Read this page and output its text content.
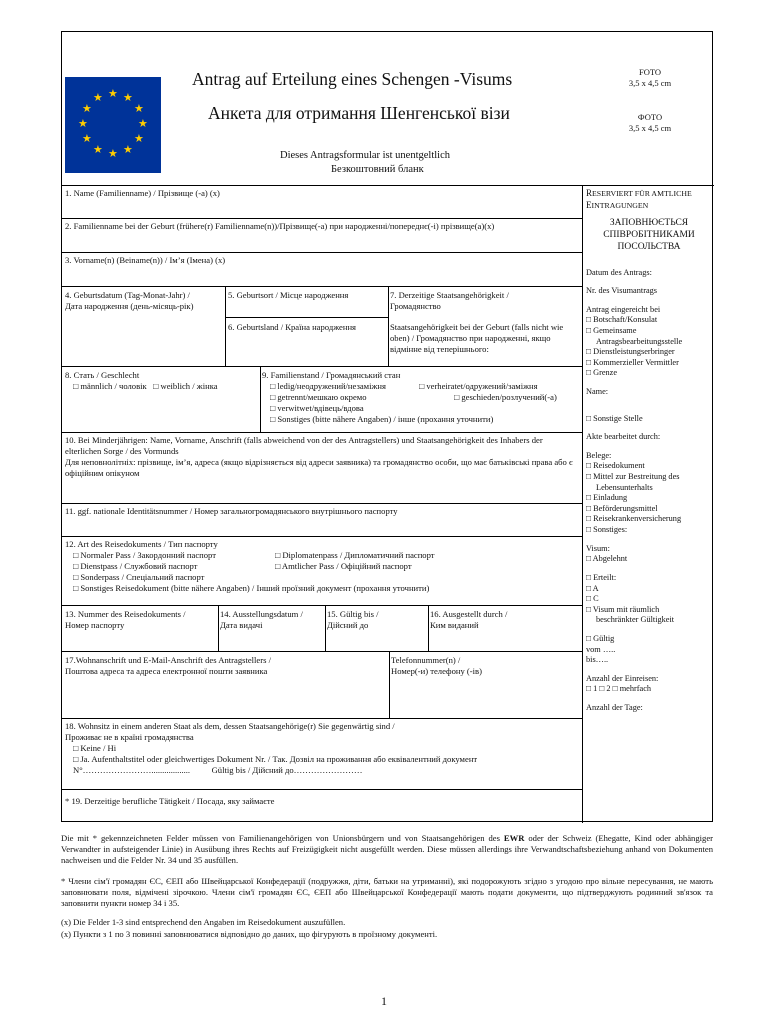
★ ★
★
★
★
★
★
★
★
★
★
★
Antrag auf Erteilung eines Schengen -Visums
Анкета для отримання Шенгенської візи
Dieses Antragsformular ist unentgeltlich
Безкоштовний бланк
FOTO
3,5 x 4,5 cm
ФОТО
3,5 x 4,5 cm
1. Name (Familienname) / Прізвище (-а) (x)
2. Familienname bei der Geburt (frühere(r) Familienname(n))/Прізвище(-а) при народженні/попереднє(-і) прізвище(а)(x)
3. Vorname(n) (Beiname(n)) / Ім’я (Імена) (x)
4. Geburtsdatum (Tag-Monat-Jahr) /
Дата народження (день-місяць-рік)
5. Geburtsort / Місце народження
6. Geburtsland / Країна народження
7. Derzeitige Staatsangehörigkeit /
Громадянство
Staatsangehörigkeit bei der Geburt (falls nicht wie oben) / Громадянство при народженні, якщо відмінне від теперішнього:
8. Стать / Geschlecht
□ männlich / чоловік □ weiblich / жінка
9. Familienstand / Громадянський стан
□ ledig/неодружений/незаміжня	□ verheiratet/одружений/заміжня
□ getrennt/мешкаю окремо	□ geschieden/розлучений(-а)
□ verwitwet/вдівець/вдова
□ Sonstiges (bitte nähere Angaben) / інше (прохання уточнити)
10. Bei Minderjährigen: Name, Vorname, Anschrift (falls abweichend von der des Antragstellers) und Staatsangehörigkeit des Inhabers der elterlichen Sorge / des Vormunds
Для неповнолітніх: прізвище, ім’я, адреса (якщо відрізняється від адреси заявника) та громадянство особи, що має батьківські права або є офіційним опікуном
11. ggf. nationale Identitätsnummer / Номер загальногромадянського внутрішнього паспорту
12. Art des Reisedokuments / Тип паспорту
□ Normaler Pass / Закордонний паспорт	□ Diplomatenpass / Дипломатичний паспорт
□ Dienstpass / Службовий паспорт	□ Amtlicher Pass / Офіційний паспорт
□ Sonderpass / Спеціальний паспорт
□ Sonstiges Reisedokument (bitte nähere Angaben) / Інший проїзний документ (прохання уточнити)
13. Nummer des Reisedokuments /
Номер паспорту
14. Ausstellungsdatum /
Дата видачі
15. Gültig bis /
Дійсний до
16. Ausgestellt durch /
Ким виданий
17.Wohnanschrift und E-Mail-Anschrift des Antragstellers /
Поштова адреса та адреса електронної пошти заявника
Telefonnummer(n) /
Номер(-и) телефону (-ів)
18. Wohnsitz in einem anderen Staat als dem, dessen Staatsangehörige(r) Sie gegenwärtig sind /
Проживає не в країні громадянства
□ Keine / Ні
□ Ja. Aufenthaltstitel oder gleichwertiges Dokument Nr. / Так. Дозвіл на проживання або еквівалентний документ
N°…………………….................. Gültig bis / Дійсний до……………………
* 19. Derzeitige berufliche Tätigkeit / Посада, яку займаєте
RESERVIERT FÜR AMTLICHE
EINTRAGUNGEN
ЗАПОВНЮЄТЬСЯ
СПІВРОБІТНИКАМИ
ПОСОЛЬСТВА
Datum des Antrags:
Nr. des Visumantrags
Antrag eingereicht bei
□ Botschaft/Konsulat
□ Gemeinsame
Antragsbearbeitungsstelle
□ Dienstleistungserbringer
□ Kommerzieller Vermittler
□ Grenze
Name:
□ Sonstige Stelle
Akte bearbeitet durch:
Belege:
□ Reisedokument
□ Mittel zur Bestreitung des
Lebensunterhalts
□ Einladung
□ Beförderungsmittel
□ Reisekrankenversicherung
□ Sonstiges:
Visum:
□ Abgelehnt
□ Erteilt:
□ A
□ C
□ Visum mit räumlich
beschränkter Gültigkeit
□ Gültig
vom …..
bis…..
Anzahl der Einreisen:
□ 1 □ 2 □ mehrfach
Anzahl der Tage:
Die mit * gekennzeichneten Felder müssen von Familienangehörigen von Unionsbürgern und von Staatsangehörigen des EWR oder der Schweiz (Ehegatte, Kind oder abhängiger Verwandter in aufsteigender Linie) in Ausübung ihres Rechts auf Freizügigkeit nicht ausgefüllt werden. Diese müssen allerdings ihre Verwandtschaftsbeziehung anhand von Dokumenten nachweisen und die Felder Nr. 34 und 35 ausfüllen.
* Члени сім'ї громадян ЄС, ЄЕП або Швейцарської Конфедерації (подружжя, діти, батьки на утриманні), які подорожують згідно з угодою про вільне пересування, не мають заповнювати поля, відмічені зірочкою. Члени сім'ї громадян ЄС, ЄЕП або Швейцарської Конфедерації мають подати документи, що підтверджують родинний зв'язок та заповнити пункти номер 34 і 35.
(x) Die Felder 1-3 sind entsprechend den Angaben im Reisedokument auszufüllen.
(x) Пункти з 1 по 3 повинні заповнюватися відповідно до даних, що фігурують в проїзному документі.
1
